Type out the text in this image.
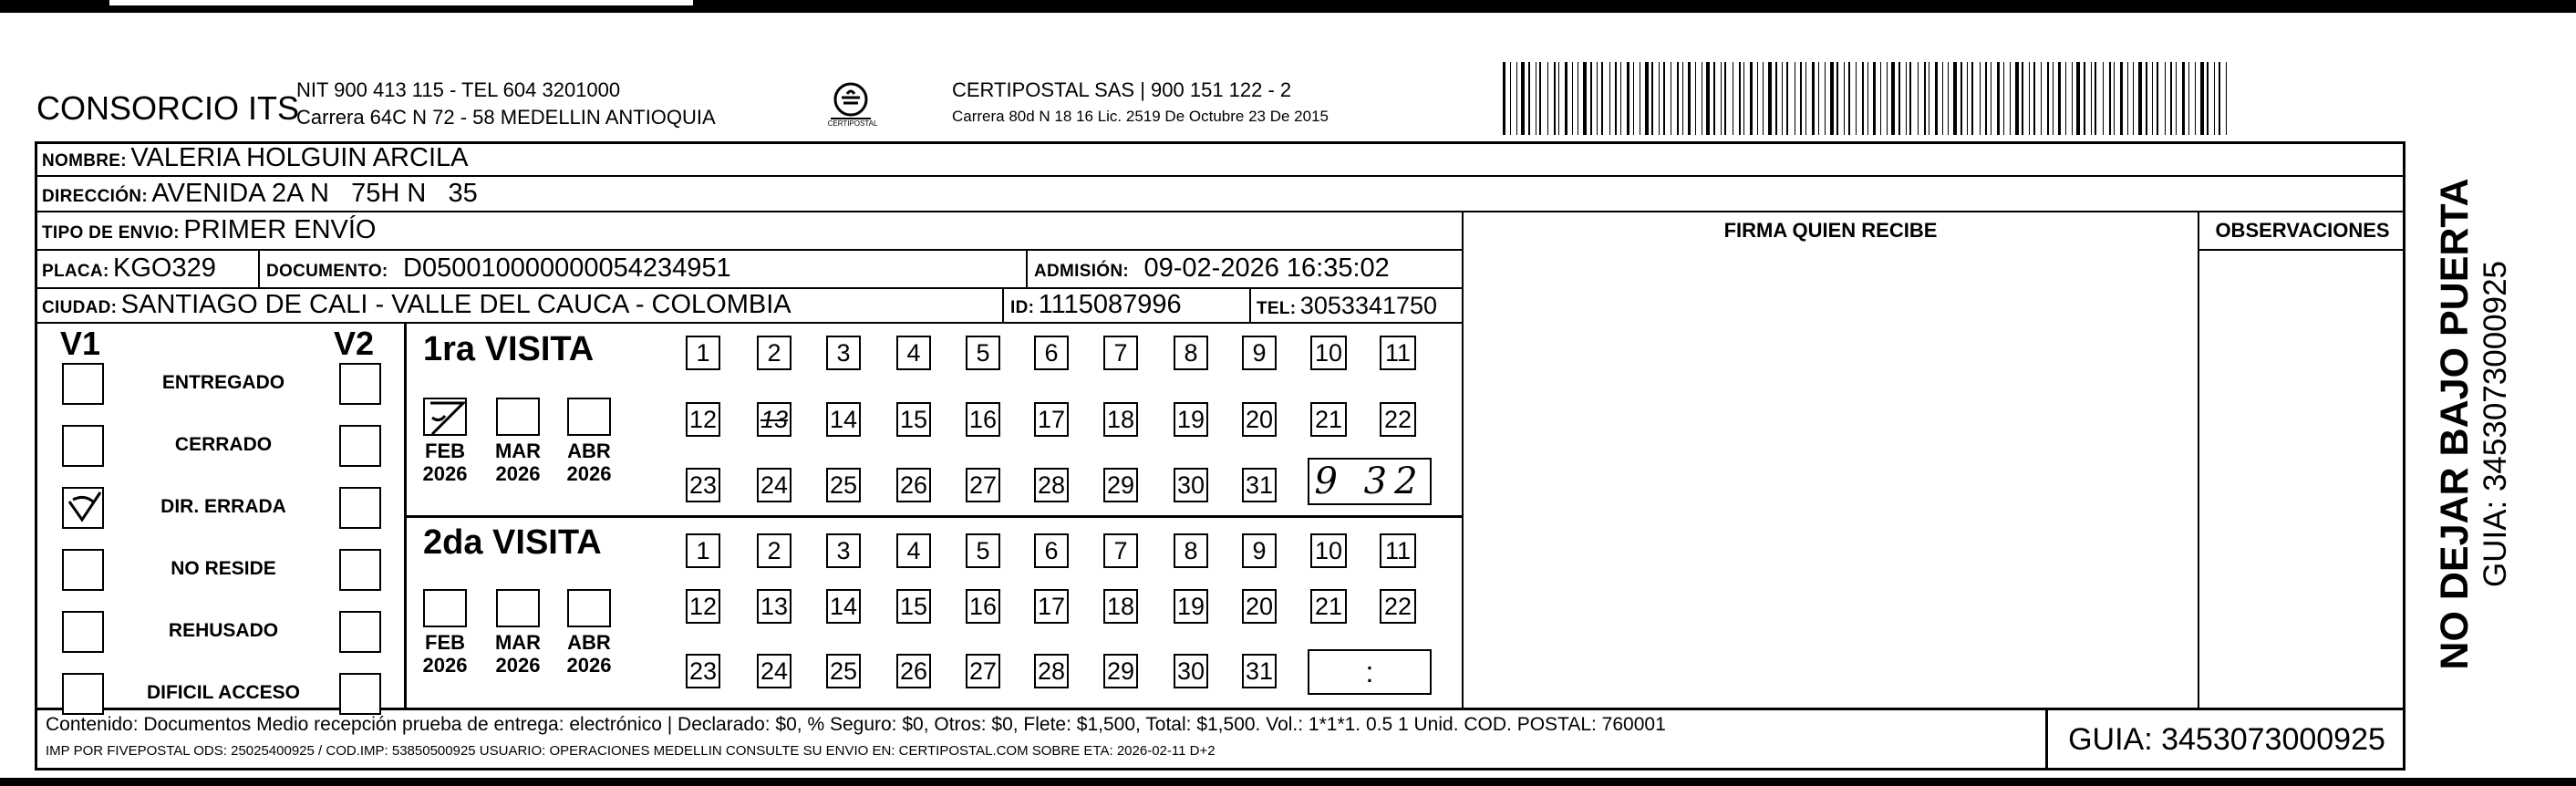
CONSORCIO ITS
NIT 900 413 115 - TEL 604 3201000
Carrera 64C N 72 - 58 MEDELLIN ANTIOQUIA	CERTIPOSTAL
CERTIPOSTAL SAS | 900 151 122 - 2
Carrera 80d N 18 16 Lic. 2519 De Octubre 23 De 2015
NOMBRE: VALERIA HOLGUIN ARCILA
DIRECCIÓN: AVENIDA 2A N   75H N   35
TIPO DE ENVIO: PRIMER ENVÍO	FIRMA QUIEN RECIBE	OBSERVACIONES
PLACA: KGO329	DOCUMENTO: D050010000000054234951	ADMISIÓN: 09-02-2026 16:35:02
CIUDAD: SANTIAGO DE CALI - VALLE DEL CAUCA - COLOMBIA	ID: 1115087996	TEL: 3053341750
V1	V2
ENTREGADO
CERRADO
DIR. ERRADA
NO RESIDE
REHUSADO
DIFICIL ACCESO
1ra VISITA
FEB
2026
MAR
2026
ABR
2026
1	2	3	4	5	6	7	8	9	10 11
12 13 14 15 16 17 18 19 20 21 22
23 24 25 26 27 28 29 30 31 9 32
2da VISITA
FEB
2026
MAR
2026
ABR
2026
1	2	3	4	5	6	7	8	9	10 11
12 13 14 15 16 17 18 19 20 21 22
23 24 25 26 27 28 29 30 31	:
Contenido: Documentos Medio recepción prueba de entrega: electrónico | Declarado: $0, % Seguro: $0, Otros: $0, Flete: $1,500, Total: $1,500. Vol.: 1*1*1. 0.5 1 Unid. COD. POSTAL: 760001
IMP POR FIVEPOSTAL ODS: 25025400925 / COD.IMP: 53850500925 USUARIO: OPERACIONES MEDELLIN CONSULTE SU ENVIO EN: CERTIPOSTAL.COM SOBRE ETA: 2026-02-11 D+2	GUIA: 3453073000925
NO DEJAR BAJO PUERTA GUIA: 3453073000925
